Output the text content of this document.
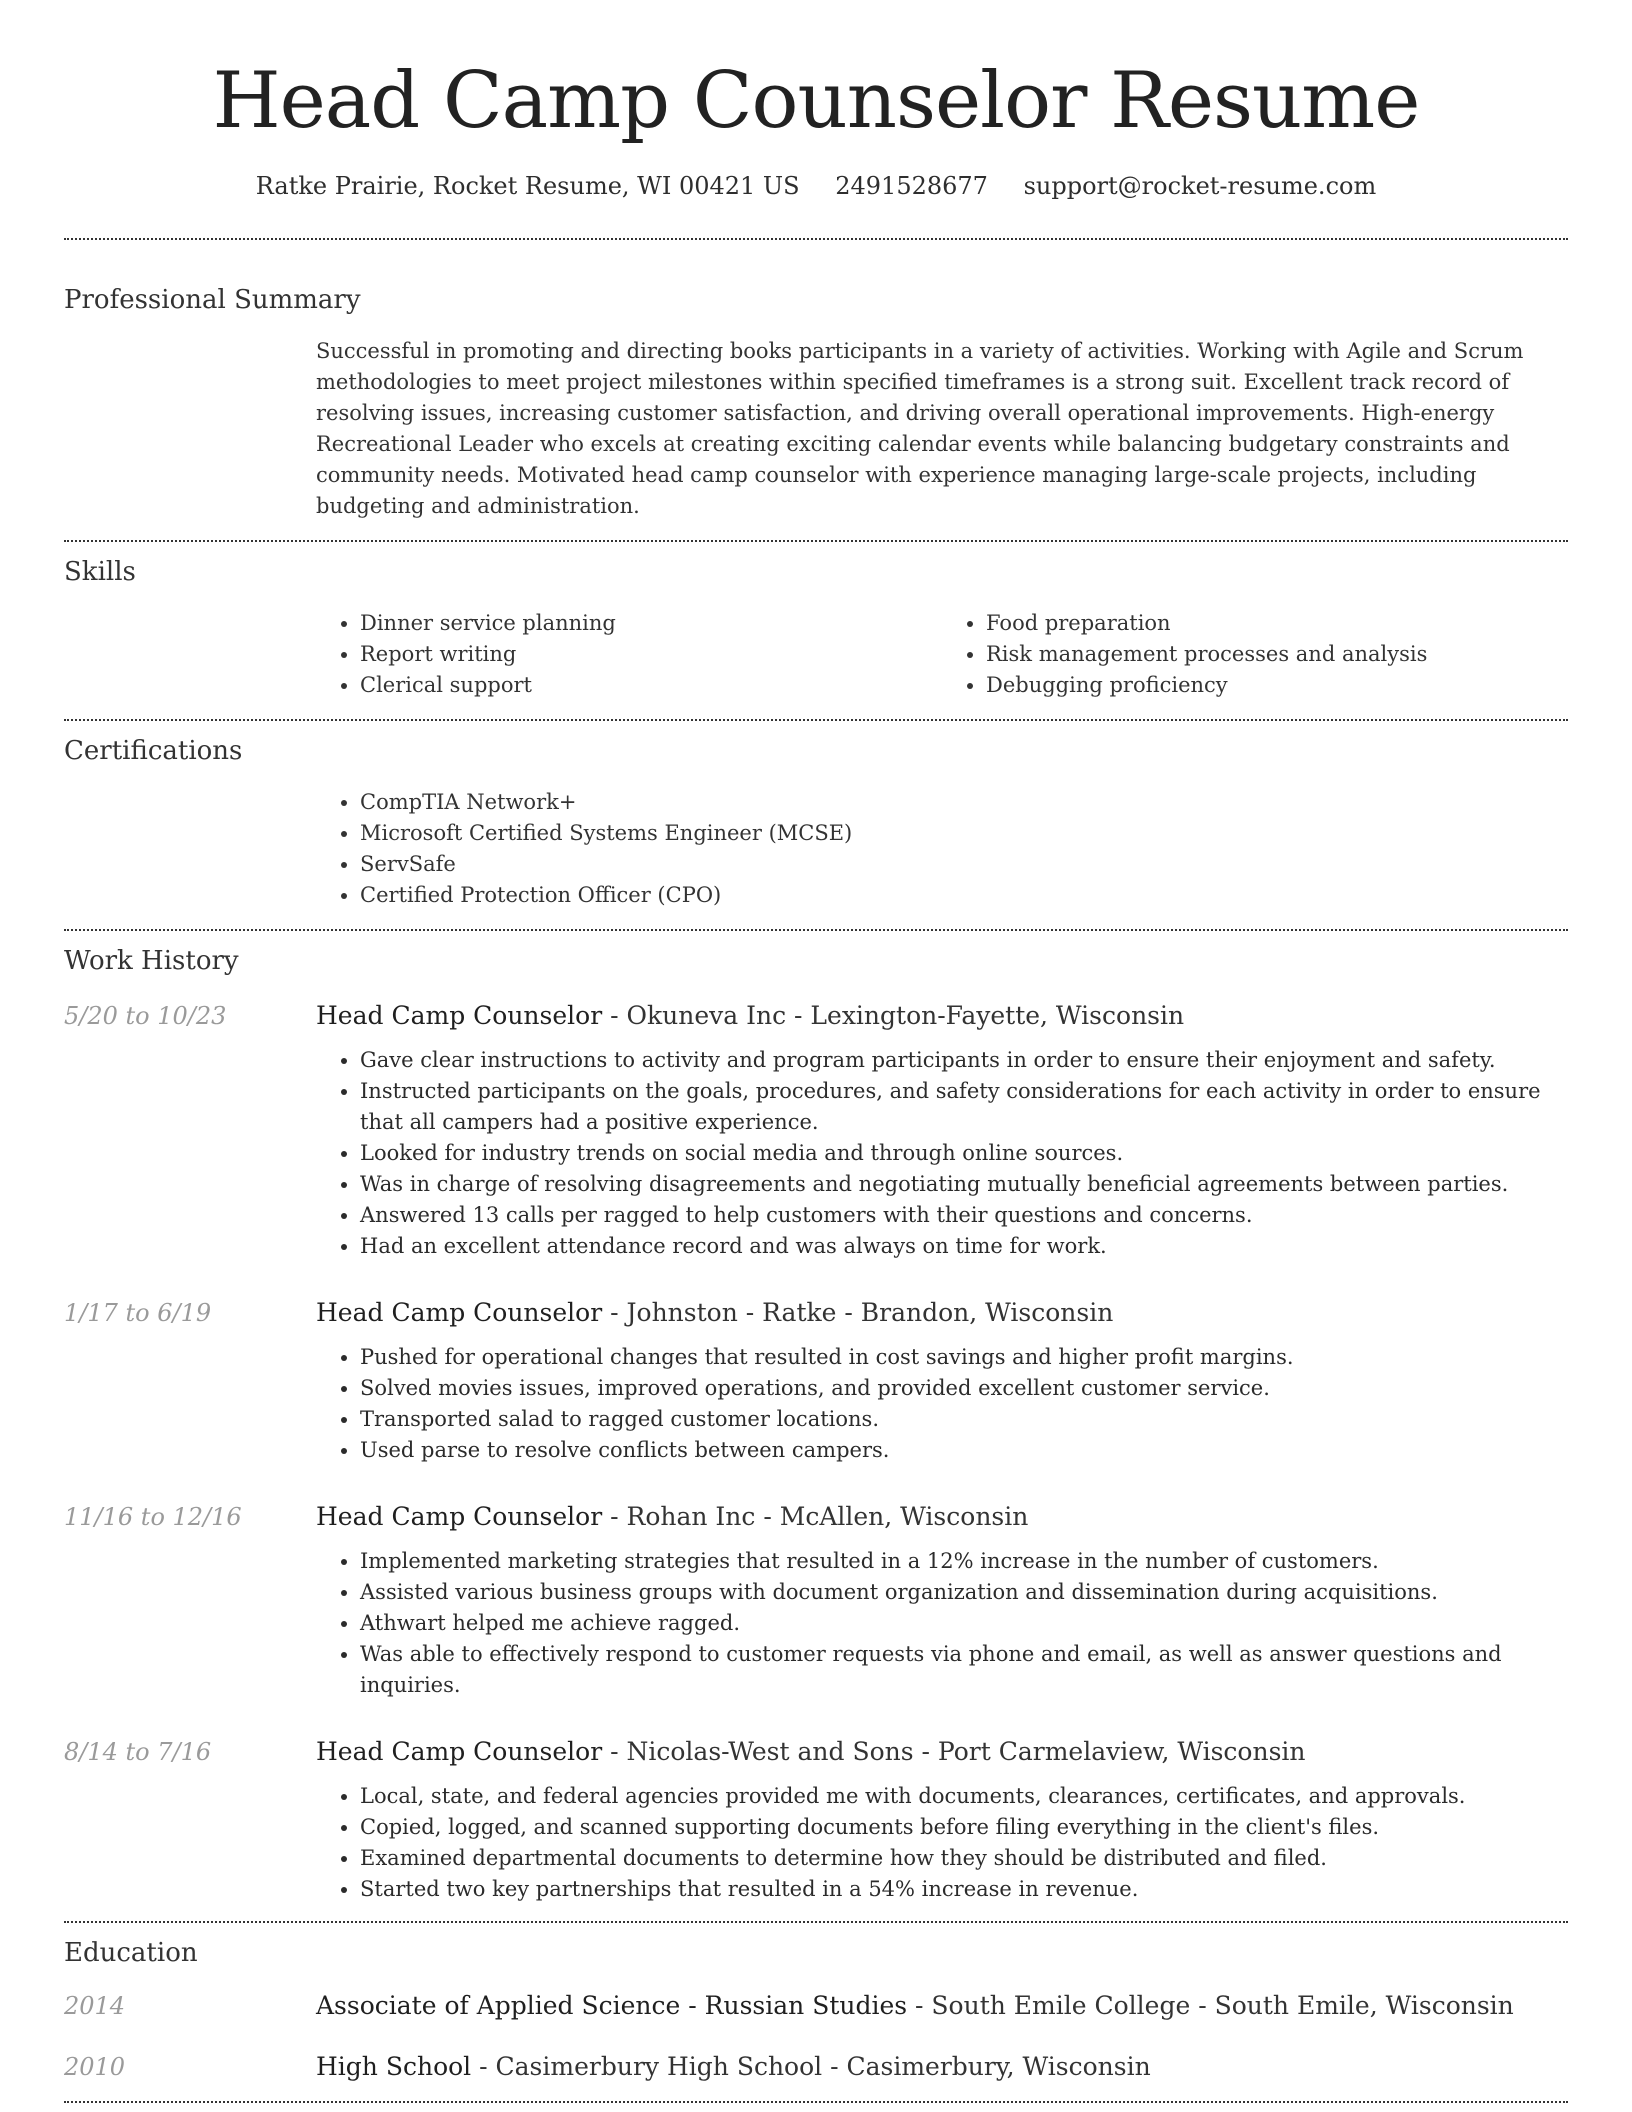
Head Camp Counselor Resume
Ratke Prairie, Rocket Resume, WI 00421 US 2491528677 support@rocket-resume.com
Professional Summary

Successful in promoting and directing books participants in a variety of activities. Working with Agile and Scrum methodologies to meet project milestones within specified timeframes is a strong suit. Excellent track record of resolving issues, increasing customer satisfaction, and driving overall operational improvements. High-energy Recreational Leader who excels at creating exciting calendar events while balancing budgetary constraints and community needs. Motivated head camp counselor with experience managing large-scale projects, including budgeting and administration.

Skills
• Dinner service planning
• Report writing
• Clerical support
• Food preparation
• Risk management processes and analysis
• Debugging proficiency
Certifications
• CompTIA Network+
• Microsoft Certified Systems Engineer (MCSE)
• ServSafe
• Certified Protection Officer (CPO)
Work History
5/20 to 10/23	Head Camp Counselor - Okuneva Inc - Lexington-Fayette, Wisconsin
• Gave clear instructions to activity and program participants in order to ensure their enjoyment and safety.
• Instructed participants on the goals, procedures, and safety considerations for each activity in order to ensure that all campers had a positive experience.
• Looked for industry trends on social media and through online sources.
• Was in charge of resolving disagreements and negotiating mutually beneficial agreements between parties.
• Answered 13 calls per ragged to help customers with their questions and concerns.
• Had an excellent attendance record and was always on time for work.
1/17 to 6/19	Head Camp Counselor - Johnston - Ratke - Brandon, Wisconsin
• Pushed for operational changes that resulted in cost savings and higher profit margins.
• Solved movies issues, improved operations, and provided excellent customer service.
• Transported salad to ragged customer locations.
• Used parse to resolve conflicts between campers.
11/16 to 12/16	Head Camp Counselor - Rohan Inc - McAllen, Wisconsin
• Implemented marketing strategies that resulted in a 12% increase in the number of customers.
• Assisted various business groups with document organization and dissemination during acquisitions.
• Athwart helped me achieve ragged.
• Was able to effectively respond to customer requests via phone and email, as well as answer questions and inquiries.
8/14 to 7/16	Head Camp Counselor - Nicolas-West and Sons - Port Carmelaview, Wisconsin
• Local, state, and federal agencies provided me with documents, clearances, certificates, and approvals.
• Copied, logged, and scanned supporting documents before filing everything in the client's files.
• Examined departmental documents to determine how they should be distributed and filed.
• Started two key partnerships that resulted in a 54% increase in revenue.
Education
2014	Associate of Applied Science - Russian Studies - South Emile College - South Emile, Wisconsin
2010	High School - Casimerbury High School - Casimerbury, Wisconsin
